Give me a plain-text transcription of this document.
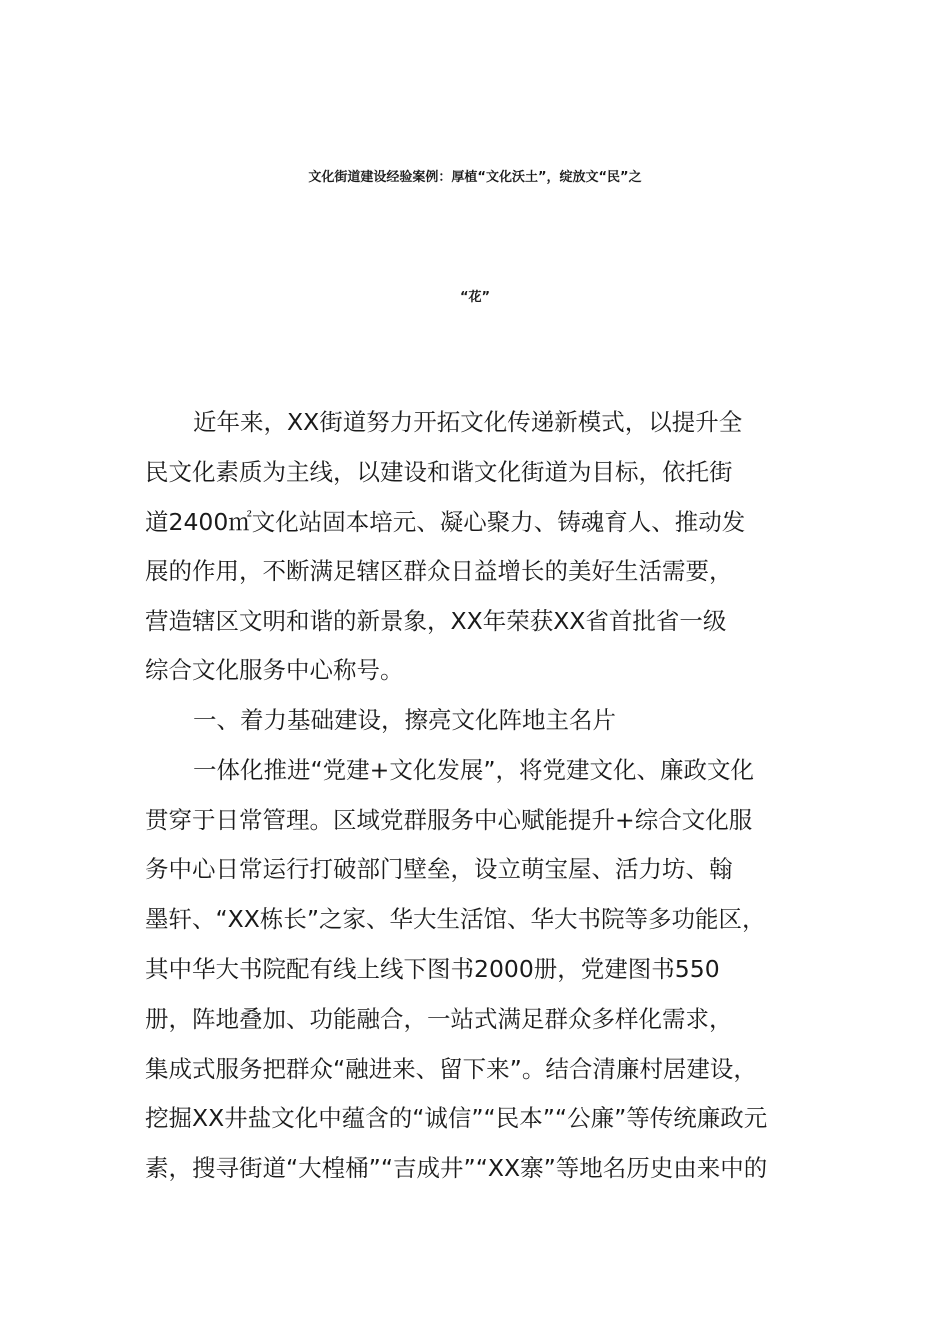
文化街道建设经验案例：厚植“文化沃土”，绽放文“民”之
“花”
近年来，XX街道努力开拓文化传递新模式，以提升全
民文化素质为主线，以建设和谐文化街道为目标，依托街
道2400㎡文化站固本培元、凝心聚力、铸魂育人、推动发
展的作用，不断满足辖区群众日益增长的美好生活需要，
营造辖区文明和谐的新景象，XX年荣获XX省首批省一级
综合文化服务中心称号。
一、着力基础建设，擦亮文化阵地主名片
一体化推进“党建+文化发展”，将党建文化、廉政文化
贯穿于日常管理。区域党群服务中心赋能提升+综合文化服
务中心日常运行打破部门壁垒，设立萌宝屋、活力坊、翰
墨轩、“XX栋长”之家、华大生活馆、华大书院等多功能区，
其中华大书院配有线上线下图书2000册，党建图书550
册，阵地叠加、功能融合，一站式满足群众多样化需求，
集成式服务把群众“融进来、留下来”。结合清廉村居建设，
挖掘XX井盐文化中蕴含的“诚信”“民本”“公廉”等传统廉政元
素，搜寻街道“大楻桶”“吉成井”“XX寨”等地名历史由来中的
